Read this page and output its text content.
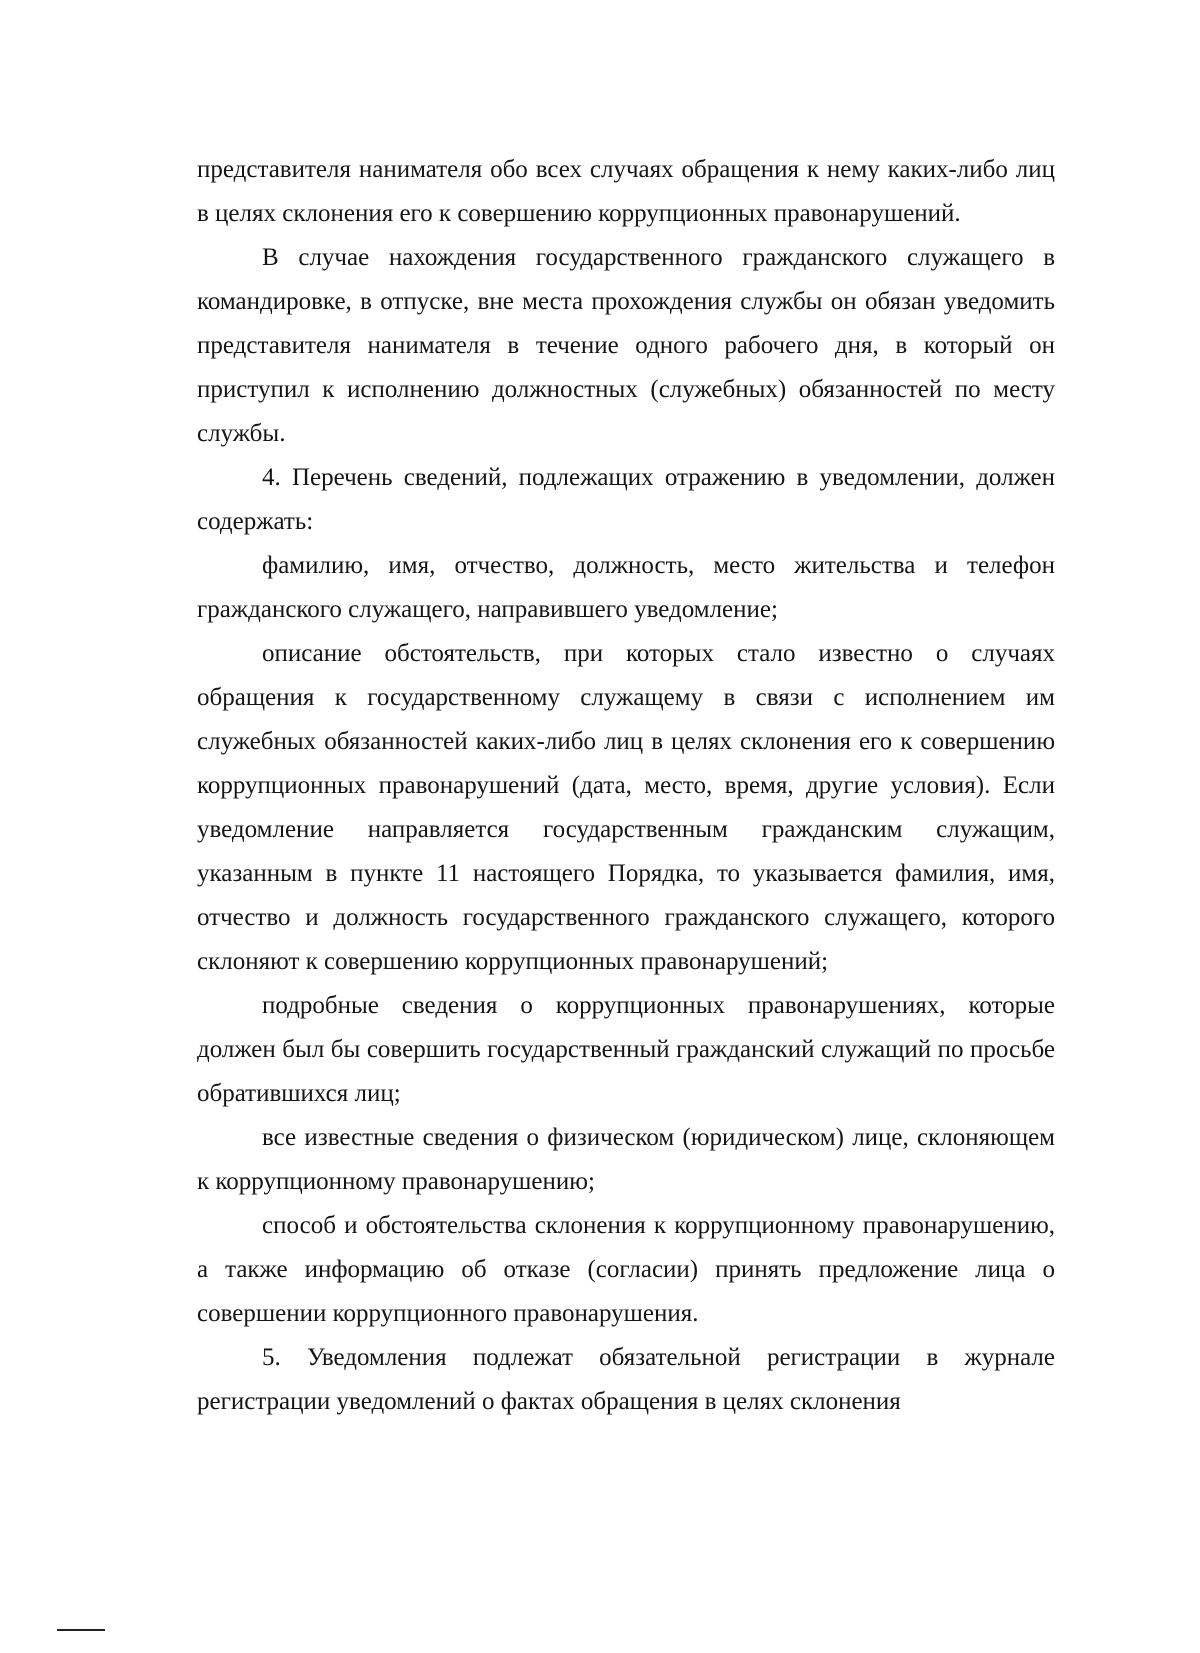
представителя нанимателя обо всех случаях обращения к нему каких-либо лиц в целях склонения его к совершению коррупционных правонарушений.

В случае нахождения государственного гражданского служащего в командировке, в отпуске, вне места прохождения службы он обязан уведомить представителя нанимателя в течение одного рабочего дня, в который он приступил к исполнению должностных (служебных) обязанностей по месту службы.

4. Перечень сведений, подлежащих отражению в уведомлении, должен содержать:

фамилию, имя, отчество, должность, место жительства и телефон гражданского служащего, направившего уведомление;

описание обстоятельств, при которых стало известно о случаях обращения к государственному служащему в связи с исполнением им служебных обязанностей каких-либо лиц в целях склонения его к совершению коррупционных правонарушений (дата, место, время, другие условия). Если уведомление направляется государственным гражданским служащим, указанным в пункте 11 настоящего Порядка, то указывается фамилия, имя, отчество и должность государственного гражданского служащего, которого склоняют к совершению коррупционных правонарушений;

подробные сведения о коррупционных правонарушениях, которые должен был бы совершить государственный гражданский служащий по просьбе обратившихся лиц;

все известные сведения о физическом (юридическом) лице, склоняющем к коррупционному правонарушению;

способ и обстоятельства склонения к коррупционному правонарушению, а также информацию об отказе (согласии) принять предложение лица о совершении коррупционного правонарушения.

5. Уведомления подлежат обязательной регистрации в журнале регистрации уведомлений о фактах обращения в целях склонения
